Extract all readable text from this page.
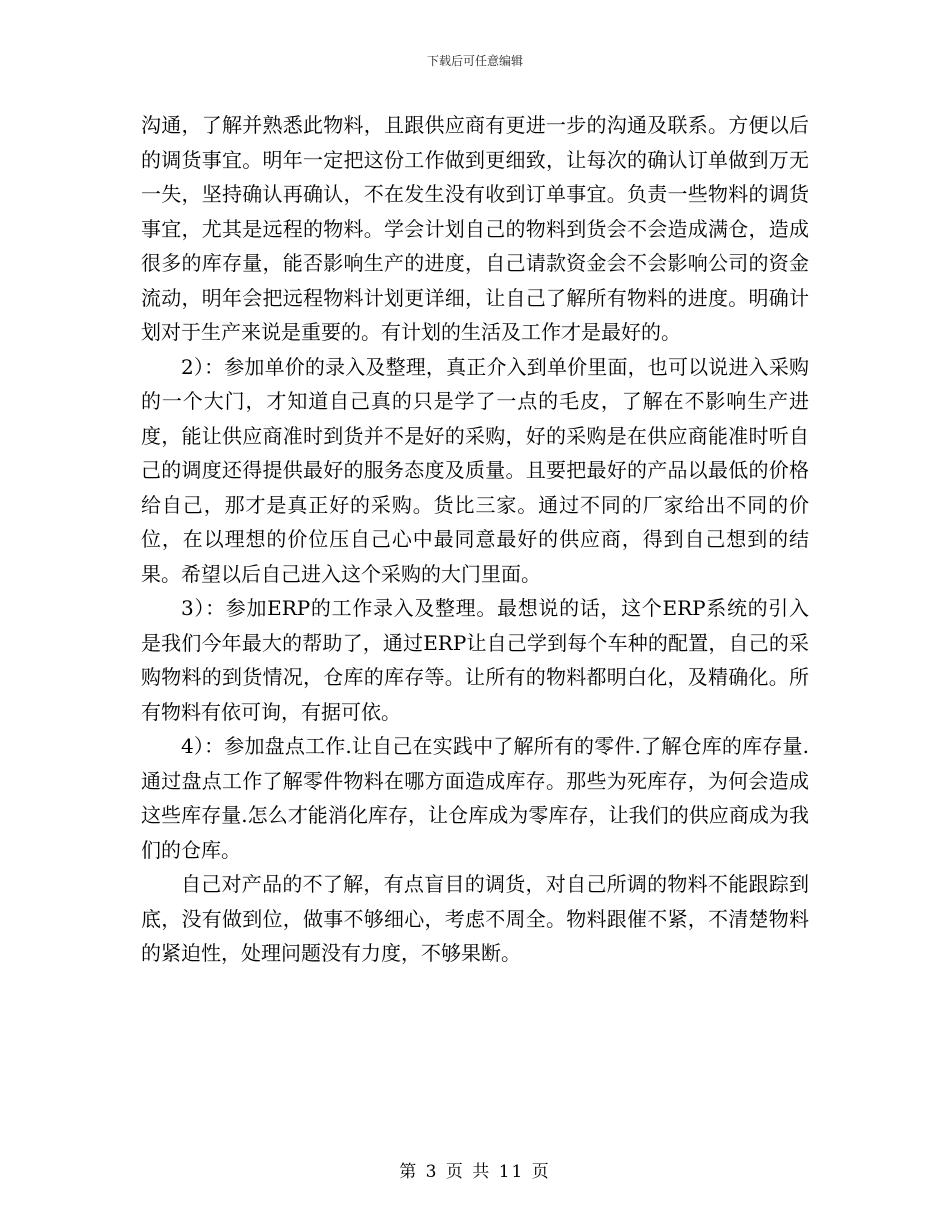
下载后可任意编辑

沟通，了解并熟悉此物料，且跟供应商有更进一步的沟通及联系。方便以后的调货事宜。明年一定把这份工作做到更细致，让每次的确认订单做到万无一失，坚持确认再确认，不在发生没有收到订单事宜。负责一些物料的调货事宜，尤其是远程的物料。学会计划自己的物料到货会不会造成满仓，造成很多的库存量，能否影响生产的进度，自己请款资金会不会影响公司的资金流动，明年会把远程物料计划更详细，让自己了解所有物料的进度。明确计划对于生产来说是重要的。有计划的生活及工作才是最好的。

2）：参加单价的录入及整理，真正介入到单价里面，也可以说进入采购的一个大门，才知道自己真的只是学了一点的毛皮，了解在不影响生产进度，能让供应商准时到货并不是好的采购，好的采购是在供应商能准时听自己的调度还得提供最好的服务态度及质量。且要把最好的产品以最低的价格给自己，那才是真正好的采购。货比三家。通过不同的厂家给出不同的价位，在以理想的价位压自己心中最同意最好的供应商，得到自己想到的结果。希望以后自己进入这个采购的大门里面。

3）：参加ERP的工作录入及整理。最想说的话，这个ERP系统的引入是我们今年最大的帮助了，通过ERP让自己学到每个车种的配置，自己的采购物料的到货情况，仓库的库存等。让所有的物料都明白化，及精确化。所有物料有依可询，有据可依。

4）：参加盘点工作.让自己在实践中了解所有的零件.了解仓库的库存量.通过盘点工作了解零件物料在哪方面造成库存。那些为死库存，为何会造成这些库存量.怎么才能消化库存，让仓库成为零库存，让我们的供应商成为我们的仓库。

自己对产品的不了解，有点盲目的调货，对自己所调的物料不能跟踪到底，没有做到位，做事不够细心，考虑不周全。物料跟催不紧，不清楚物料的紧迫性，处理问题没有力度，不够果断。

第 3 页 共 11 页
